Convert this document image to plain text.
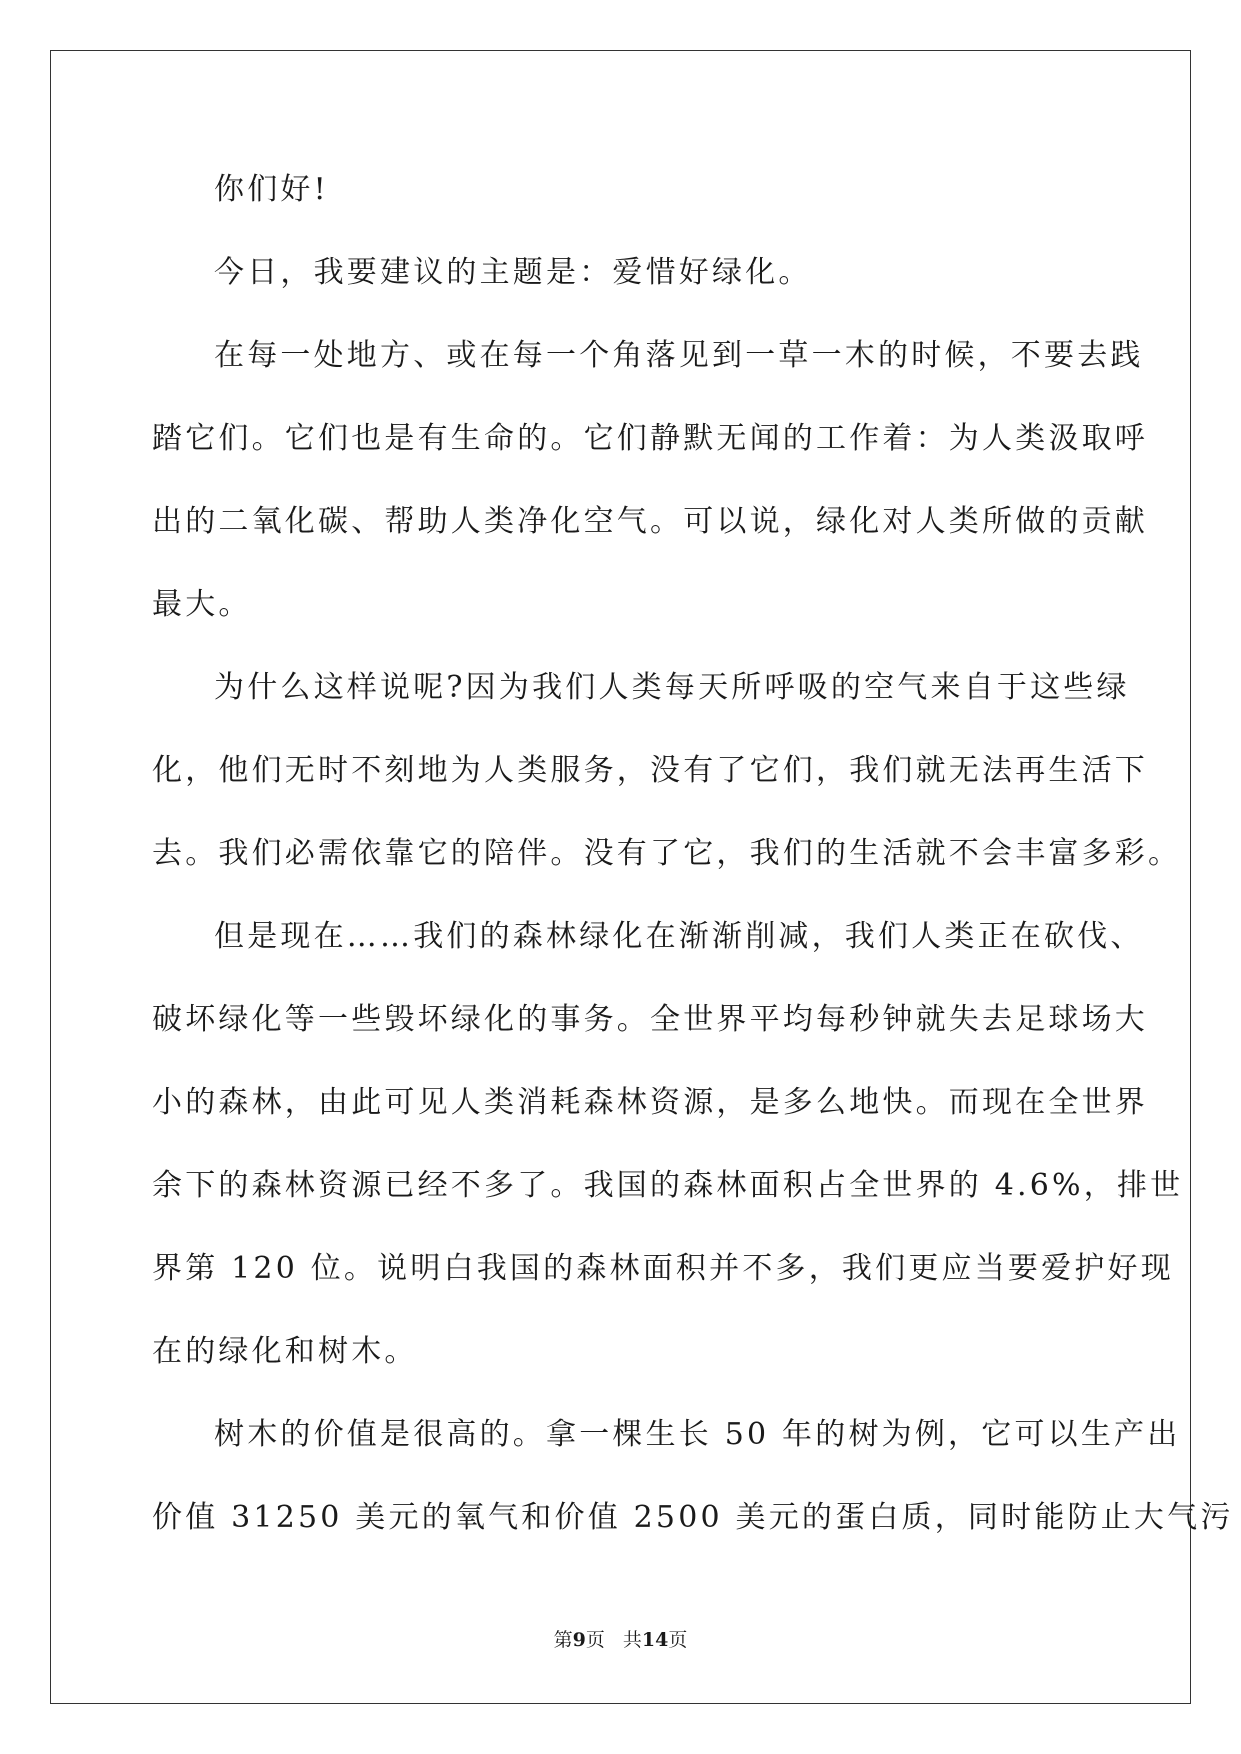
你们好!
今日，我要建议的主题是：爱惜好绿化。
在每一处地方、或在每一个角落见到一草一木的时候，不要去践
踏它们。它们也是有生命的。它们静默无闻的工作着：为人类汲取呼
出的二氧化碳、帮助人类净化空气。可以说，绿化对人类所做的贡献
最大。
为什么这样说呢?因为我们人类每天所呼吸的空气来自于这些绿
化，他们无时不刻地为人类服务，没有了它们，我们就无法再生活下
去。我们必需依靠它的陪伴。没有了它，我们的生活就不会丰富多彩。
但是现在……我们的森林绿化在渐渐削减，我们人类正在砍伐、
破坏绿化等一些毁坏绿化的事务。全世界平均每秒钟就失去足球场大
小的森林，由此可见人类消耗森林资源，是多么地快。而现在全世界
余下的森林资源已经不多了。我国的森林面积占全世界的 4.6%，排世
界第 120 位。说明白我国的森林面积并不多，我们更应当要爱护好现
在的绿化和树木。
树木的价值是很高的。拿一棵生长 50 年的树为例，它可以生产出
价值 31250 美元的氧气和价值 2500 美元的蛋白质，同时能防止大气污
第9页 共14页
